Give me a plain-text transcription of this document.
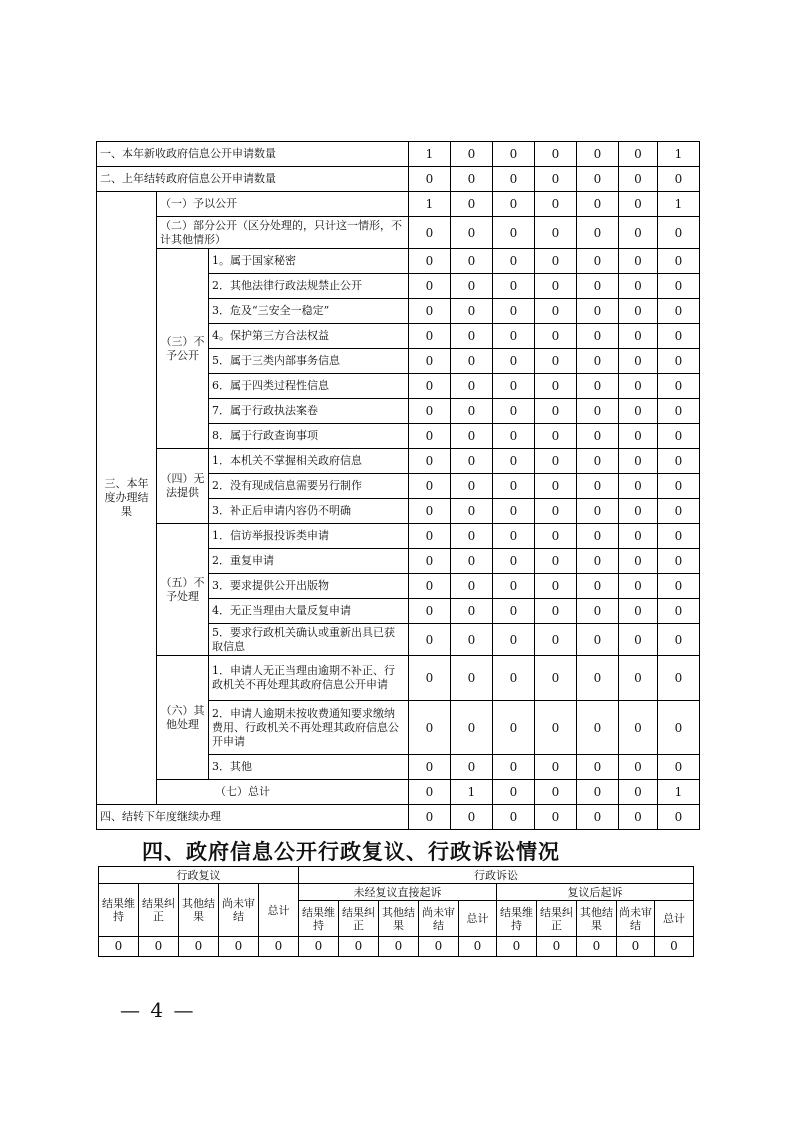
一、本年新收政府信息公开申请数量			1	0	0	0	0	0	1
二、上年结转政府信息公开申请数量			0	0	0	0	0	0	0
三、本年度办理结果	（一）予以公开		1	0	0	0	0	0	1
	（二）部分公开（区分处理的，只计这一情形，不计其他情形）		0	0	0	0	0	0	0
	（三）不予公开	1。属于国家秘密	0	0	0	0	0	0	0
		2．其他法律行政法规禁止公开	0	0	0	0	0	0	0
		3．危及“三安全一稳定”	0	0	0	0	0	0	0
		4。保护第三方合法权益	0	0	0	0	0	0	0
		5．属于三类内部事务信息	0	0	0	0	0	0	0
		6．属于四类过程性信息	0	0	0	0	0	0	0
		7．属于行政执法案卷	0	0	0	0	0	0	0
		8．属于行政查询事项	0	0	0	0	0	0	0
	（四）无法提供	1．本机关不掌握相关政府信息	0	0	0	0	0	0	0
		2．没有现成信息需要另行制作	0	0	0	0	0	0	0
		3．补正后申请内容仍不明确	0	0	0	0	0	0	0
	（五）不予处理	1．信访举报投诉类申请	0	0	0	0	0	0	0
		2．重复申请	0	0	0	0	0	0	0
		3．要求提供公开出版物	0	0	0	0	0	0	0
		4．无正当理由大量反复申请	0	0	0	0	0	0	0
		5．要求行政机关确认或重新出具已获取信息	0	0	0	0	0	0	0
	（六）其他处理	1．申请人无正当理由逾期不补正、行政机关不再处理其政府信息公开申请	0	0	0	0	0	0	0
		2．申请人逾期未按收费通知要求缴纳费用、行政机关不再处理其政府信息公开申请	0	0	0	0	0	0	0
		3．其他	0	0	0	0	0	0	0
	（七）总计		0	1	0	0	0	0	1
四、结转下年度继续办理			0	0	0	0	0	0	0
四、政府信息公开行政复议、行政诉讼情况
行政复议					行政诉讼									
结果维持	结果纠正	其他结果	尚未审结	总计	未经复议直接起诉					复议后起诉				
					结果维持	结果纠正	其他结果	尚未审结	总计	结果维持	结果纠正	其他结果	尚未审结	总计
0	0	0	0	0	0	0	0	0	0	0	0	0	0	0
— 4 —
